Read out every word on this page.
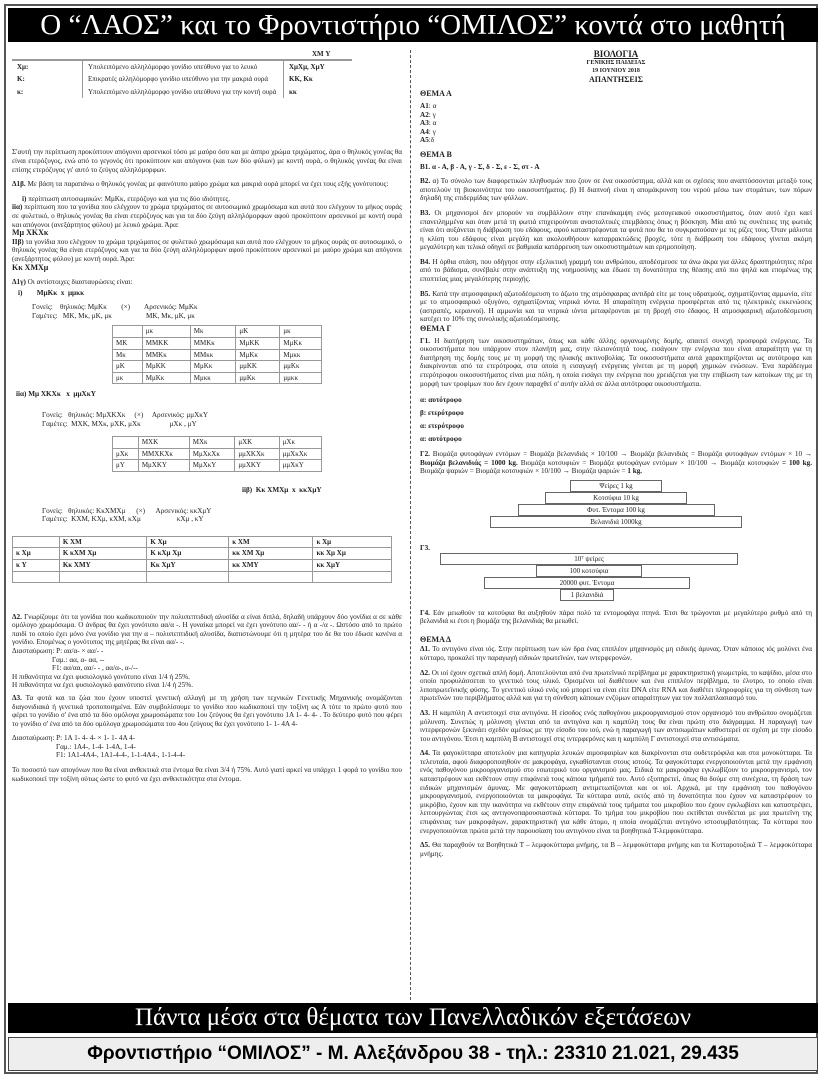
Ο “ΛΑΟΣ” και το Φροντιστήριο “ΟΜΙΛΟΣ” κοντά στο μαθητή
XΜ Y
Xμ:	Υπολειπόμενο αλληλόμορφο γονίδιο υπεύθυνο για το λευκό	XμXμ, XμY
Κ:	Επικρατές αλληλόμορφο γονίδιο υπεύθυνο για την μακριά ουρά	ΚΚ, Κκ
κ:	Υπολειπόμενο αλληλόμορφο γονίδιο υπεύθυνο για την κοντή ουρά	κκ

Σ'αυτή την περίπτωση προκύπτουν απόγονοι αρσενικοί τόσο με μαύρο όσο και με άσπρο χρώμα τριχώματος, άρα ο θηλυκός γονέας θα είναι ετερόζυγος, ενώ από το γεγονός ότι προκύπτουν και απόγονοι (και των δύο φύλων) με κοντή ουρά, ο θηλυκός γονέας θα είναι επίσης ετερόζυγος γι' αυτό το ζεύγος αλληλόμορφων.

Δ1β. Με βάση τα παραπάνω ο θηλυκός γονέας με φαινότυπο μαύρο χρώμα και μακριά ουρά μπορεί να έχει τους εξής γονότυπους:

i) περίπτωση αυτοσωμικών: ΜμΚκ, ετερόζυγο και για τις δύο ιδιότητες.

iiα) περίπτωση που τα γονίδια που ελέγχουν το χρώμα τριχώματος σε αυτοσωμικό χρωμόσωμα και αυτά που ελέγχουν το μήκος ουράς σε φυλετικό, ο θηλυκός γονέας θα είναι ετερόζυγος και για τα δύο ζεύγη αλληλόμορφων αφού προκύπτουν αρσενικοί με κοντή ουρά και απόγονοι (ανεξάρτητος φύλου) με λευκό χρώμα. Άρα:

Μμ XΚXκ

ΙΙβ) τα γονίδια που ελέγχουν το χρώμα τριχώματος σε φυλετικό χρωμόσωμα και αυτά που ελέγχουν το μήκος ουράς σε αυτοσωμικό, ο θηλυκός γονέας θα είναι ετερόζυγος και για τα δύο ζεύγη αλληλόμορφων αφού προκύπτουν αρσενικοί με μαύρο χρώμα και απόγονοι (ανεξάρτητος φύλου) με κοντή ουρά. Άρα:

Κκ XΜXμ
Δ1γ) Οι αντίστοιχες διασταυρώσεις είναι:
i)        ΜμΚκ  x  μμκκ
Γονείς:    θηλυκός: ΜμΚκ        (×)        Αρσενικός: ΜμΚκ
Γαμέτες:   ΜΚ, Μκ, μΚ, μκ                   ΜΚ, Μκ, μΚ, μκ
	μκ	Μκ	μΚ	μκ
ΜΚ	ΜΜΚΚ	ΜΜΚκ	ΜμΚΚ	ΜμΚκ
Μκ	ΜΜΚκ	ΜΜκκ	ΜμΚκ	Μμκκ
μΚ	ΜμΚΚ	ΜμΚκ	μμΚΚ	μμΚκ
μκ	ΜμΚκ	Μμκκ	μμΚκ	μμκκ
iiα) Μμ XΚXκ   x  μμXκY
Γονείς:   θηλυκός: ΜμXΚXκ     (×)     Αρσενικός: μμXκY
Γαμέτες:  MXΚ, MXκ, μXΚ, μXκ                μXκ , μY
	MXΚ	MXκ	μXΚ	μXκ
μXκ	ΜΜXΚXκ	ΜμXκXκ	μμXΚXκ	μμXκXκ
μY	ΜμXΚY	ΜμXκY	μμXΚY	μμXκY
iiβ)  Κκ XΜXμ  x  κκXμY
Γονείς:   θηλυκός: ΚκXΜXμ      (×)      Αρσενικός: κκXμY
Γαμέτες:  ΚXΜ, ΚXμ, κXΜ, κXμ                    κXμ , κY
	Κ XΜ	Κ Xμ	κ XΜ	κ Xμ
κ Xμ	Κ κXΜ Xμ	Κ κXμ Xμ	κκ XΜ Xμ	κκ Xμ Xμ
κ Y	Κκ XΜY	Κκ XμY	κκ XΜY	κκ XμY

Δ2. Γνωρίζουμε ότι τα γονίδια που κωδικοποιούν την πολυπεπτιδική αλυσίδα α είναι διπλά, δηλαδή υπάρχουν δύο γονίδια α σε κάθε ομόλογο χρωμόσωμα. Ο άνδρας θα έχει γονότυπο αα/α -. Η γυναίκα μπορεί να έχει γονότυπο αα/- - ή α -/α -. Ωστόσο από το πρώτο παιδί το οποίο έχει μόνο ένα γονίδιο για την α – πολυπεπτιδική αλυσίδα, διαπιστώνουμε ότι η μητέρα του δε θα του έδωσε κανένα α γονίδιο. Επομένως ο γονότυπος της μητέρας θα είναι αα/- -.

Διασταύρωση: P: αα/α- × αα/- -
Γαμ.: αα, α- αα, --
F1: αα/αα, αα/- - , αα/α-, α-/--
Η πιθανότητα να έχει φυσιολογικό γονότυπο είναι 1/4 ή 25%.
Η πιθανότητα να έχει φυσιολογικό φαινότυπο είναι 1/4 ή 25%.

Δ3. Τα φυτά και τα ζώα που έχουν υποστεί γενετική αλλαγή με τη χρήση των τεχνικών Γενετικής Μηχανικής ονομάζονται διαγονιδιακά ή γενετικά τροποποιημένα. Εάν συμβολίσουμε το γονίδιο που κωδικοποιεί την τοξίνη ως Α τότε το πρώτο φυτό που φέρει το γονίδιο σ' ένα από τα δύο ομόλογα χρωμοσώματα του 1ου ζεύγους θα έχει γονότυπο 1Α 1- 4- 4- . Το δεύτερο φυτό που φέρει το γονίδιο σ' ένα από τα δύο ομόλογα χρωμοσώματα του 4ου ζεύγους θα έχει γονότυπο 1- 1- 4Α 4-

Διασταύρωση: P: 1Α 1- 4- 4- × 1- 1- 4Α 4-
Γαμ.: 1Α4-, 1-4- 1-4Α, 1-4-
F1: 1Α1-4Α4-, 1Α1-4-4-, 1-1-4Α4-, 1-1-4-4-

Το ποσοστό των απογόνων που θα είναι ανθεκτικά στα έντομα θα είναι 3/4 ή 75%. Αυτό γιατί αρκεί να υπάρχει 1 φορά το γονίδιο που κωδικοποιεί την τοξίνη ούτως ώστε το φυτό να έχει ανθεκτικότητα στα έντομα.

ΒΙΟΛΟΓΙΑ
ΓΕΝΙΚΗΣ ΠΑΙΔΕΙΑΣ
19 ΙΟΥΝΙΟΥ 2018
ΑΠΑΝΤΗΣΕΙΣ
ΘΕΜΑ Α
Α1: α
Α2: γ
Α3: α
Α4: γ
Α5:δ
ΘΕΜΑ Β

Β1. α - Α, β - Α, γ - Σ, δ - Σ, ε - Σ, στ - Α

Β2. α) Το σύνολο των διαφορετικών πληθυσμών που ζουν σε ένα οικοσύστημα, αλλά και οι σχέσεις που αναπτύσσονται μεταξύ τους αποτελούν τη βιοκοινότητα του οικοσυστήματος. β) Η διαπνοή είναι η απομάκρυνση του νερού μέσω των στομάτων, των πόρων δηλαδή της επιδερμίδας των φύλλων.

Β3. Οι μηχανισμοί δεν μπορούν να συμβάλλουν στην επανάκαμψη ενός μεσογειακού οικοσυστήματος, όταν αυτό έχει καεί επανειλημμένα και όταν μετά τη φωτιά επιχειρούνται ανασταλτικές επεμβάσεις όπως η βόσκηση. Μία από τις συνέπειες της φωτιάς είναι ότι αυξάνεται η διάβρωση του εδάφους, αφού καταστρέφονται τα φυτά που θα το συγκρατούσαν με τις ρίζες τους. Όταν μάλιστα η κλίση του εδάφους είναι μεγάλη και ακολουθήσουν καταρρακτώδεις βροχές, τότε η διάβρωση του εδάφους γίνεται ακόμη μεγαλύτερη και τελικά οδηγεί σε βαθμιαία κατάρρευση των οικοσυστημάτων και ερημοποίηση.

Β4. Η όρθια στάση, που οδήγησε στην εξελικτική γραμμή του ανθρώπου, αποδέσμευσε τα άνω άκρα για άλλες δραστηριότητες πέρα από το βάδισμα, συνέβαλε στην ανάπτυξη της νοημοσύνης και έδωσε τη δυνατότητα της θέασης από πιο ψηλά και επομένως της εποπτείας μιας μεγαλύτερης περιοχής.

Β5. Κατά την ατμοσφαιρική αζωτοδέσμευση το άζωτο της ατμόσφαιρας αντιδρά είτε με τους υδρατμούς, σχηματίζοντας αμμωνία, είτε με το ατμοσφαιρικό οξυγόνο, σχηματίζοντας νιτρικά ιόντα. Η απαραίτητη ενέργεια προσφέρεται από τις ηλεκτρικές εκκενώσεις (αστραπές, κεραυνοί). Η αμμωνία και τα νιτρικά ιόντα μεταφέρονται με τη βροχή στο έδαφος. Η ατμοσφαιρική αζωτοδέσμευση κατέχει το 10% της συνολικής αζωτοδέσμευσης.

ΘΕΜΑ Γ

Γ1. Η διατήρηση των οικοσυστημάτων, όπως και κάθε άλλης οργανωμένης δομής, απαιτεί συνεχή προσφορά ενέργειας. Τα οικοσυστήματα που υπάρχουν στον πλανήτη μας, στην πλειονότητά τους, εισάγουν την ενέργεια που είναι απαραίτητη για τη διατήρηση της δομής τους με τη μορφή της ηλιακής ακτινοβολίας. Τα οικοσυστήματα αυτά χαρακτηρίζονται ως αυτότροφα και διακρίνονται από τα ετερότροφα, στα οποία η εισαγωγή ενέργειας γίνεται με τη μορφή χημικών ενώσεων. Ένα παράδειγμα ετερότροφου οικοσυστήματος είναι μια πόλη, η οποία εισάγει την ενέργεια που χρειάζεται για την επιβίωση των κατοίκων της με τη μορφή των τροφίμων που δεν έχουν παραχθεί σ' αυτήν αλλά σε άλλα αυτότροφα οικοσυστήματα.

α: αυτότροφο
β: ετερότροφο
α: ετερότροφο
α: αυτότροφο

Γ2. Βιομάζα φυτοφάγων εντόμων = Βιομάζα βελανιδιάς × 10/100 → Βιομάζα βελανιδιάς = Βιομάζα φυτοφάγων εντόμων × 10 → Βιομάζα βελανιδιάς = 1000 kg. Βιομάζα κοτσυφιών = Βιομάζα φυτοφάγων εντόμων × 10/100 → Βιομάζα κοτσυφιών = 100 kg. Βιομάζα ψαριών = Βιομάζα κοτσυφιών × 10/100 → Βιομάζα ψαριών = 1 kg.

Ψείρες 1 kg
Κοτσύφια 10 kg
Φυτ. Έντομα 100 kg
Βελανιδιά 1000kg
Γ3.
10⁷ ψείρες
100 κοτσύφια
20000 φυτ. Έντομα
1 βελανιδιά

Γ4. Εάν μειωθούν τα κοτσύφια θα αυξηθούν πάρα πολύ τα εντομοφάγα πτηνά. Έτσι θα τρώγονται με μεγαλύτερο ρυθμό από τη βελανιδιά κι έτσι η βιομάζα της βελανιδιάς θα μειωθεί.

ΘΕΜΑ Δ

Δ1. Το αντιγόνο είναι ιός. Στην περίπτωση των ιών δρα ένας επιπλέον μηχανισμός μη ειδικής άμυνας. Όταν κάποιος ιός μολύνει ένα κύτταρο, προκαλεί την παραγωγή ειδικών πρωτεϊνών, των ιντερφερονών.

Δ2. Οι ιοί έχουν σχετικά απλή δομή. Αποτελούνται από ένα πρωτεϊνικό περίβλημα με χαρακτηριστική γεωμετρία, το καψίδιο, μέσα στο οποίο προφυλάσσεται το γενετικό τους υλικό. Ορισμένοι ιοί διαθέτουν και ένα επιπλέον περίβλημα, το έλυτρο, το οποίο είναι λιποπρωτεϊνικής φύσης. Το γενετικό υλικό ενός ιού μπορεί να είναι είτε DNA είτε RNA και διαθέτει πληροφορίες για τη σύνθεση των πρωτεϊνών του περιβλήματος αλλά και για τη σύνθεση κάποιων ενζύμων απαραίτητων για τον πολλαπλασιασμό του.

Δ3. Η καμπύλη Α αντιστοιχεί στα αντιγόνα. Η είσοδος ενός παθογόνου μικροοργανισμού στον οργανισμό του ανθρώπου ονομάζεται μόλυνση. Συνεπώς η μόλυνση γίνεται από τα αντιγόνα και η καμπύλη τους θα είναι πρώτη στο διάγραμμα. Η παραγωγή των ιντερφερονών ξεκινάει σχεδόν αμέσως με την είσοδο του ιού, ενώ η παραγωγή των αντισωμάτων καθυστερεί σε σχέση με την είσοδο του αντιγόνου. Έτσι η καμπύλη Β αντιστοιχεί στις ιντερφερόνες και η καμπύλη Γ αντιστοιχεί στα αντισώματα.

Δ4. Τα φαγοκύτταρα αποτελούν μια κατηγορία λευκών αιμοσφαιρίων και διακρίνονται στα ουδετερόφιλα και στα μονοκύτταρα. Τα τελευταία, αφού διαφοροποιηθούν σε μακροφάγα, εγκαθίστανται στους ιστούς. Τα φαγοκύτταρα ενεργοποιούνται μετά την εμφάνιση ενός παθογόνου μικροοργανισμού στο εσωτερικό του οργανισμού μας. Ειδικά τα μακροφάγα εγκλωβίζουν το μικροοργανισμό, τον καταστρέφουν και εκθέτουν στην επιφάνειά τους κάποια τμήματά του. Αυτό εξυπηρετεί, όπως θα δούμε στη συνέχεια, τη δράση των ειδικών μηχανισμών άμυνας. Με φαγοκυττάρωση αντιμετωπίζονται και οι ιοί. Αρχικά, με την εμφάνιση του παθογόνου μικροοργανισμού, ενεργοποιούνται τα μακροφάγα. Τα κύτταρα αυτά, εκτός από τη δυνατότητα που έχουν να καταστρέφουν το μικρόβιο, έχουν και την ικανότητα να εκθέτουν στην επιφάνειά τους τμήματα του μικροβίου που έχουν εγκλωβίσει και καταστρέψει, λειτουργώντας έτσι ως αντιγονοπαρουσιαστικά κύτταρα. Το τμήμα του μικροβίου που εκτίθεται συνδέεται με μια πρωτεΐνη της επιφάνειας των μακροφάγων, χαρακτηριστική για κάθε άτομο, η οποία ονομάζεται αντιγόνο ιστοσυμβατότητας. Τα κύτταρα που ενεργοποιούνται πρώτα μετά την παρουσίαση του αντιγόνου είναι τα βοηθητικά Τ-λεμφοκύτταρα.

Δ5. Θα παραχθούν τα Βοηθητικά Τ – λεμφοκύτταρα μνήμης, τα Β – λεμφοκύτταρα μνήμης και τα Κυτταροτοξικά Τ – λεμφοκύτταρα μνήμης.

Πάντα μέσα στα θέματα των Πανελλαδικών εξετάσεων
Φροντιστήριο “ΟΜΙΛΟΣ” - Μ. Αλεξάνδρου 38 - τηλ.: 23310 21.021, 29.435
